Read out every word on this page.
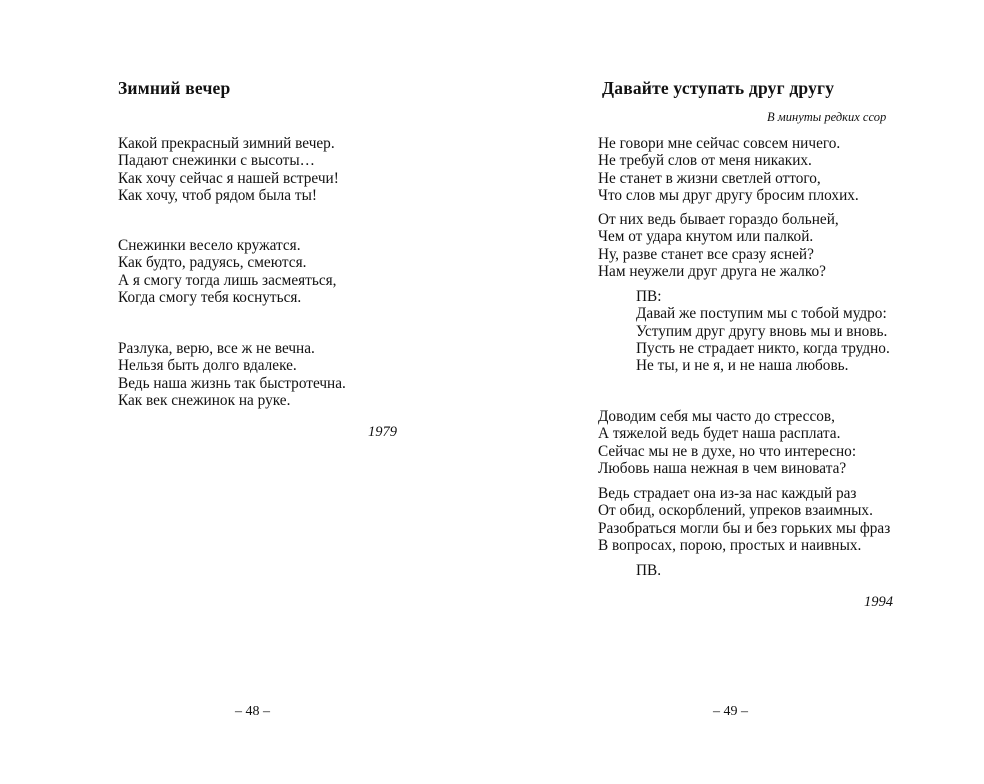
Зимний вечер
Какой прекрасный зимний вечер.
Падают снежинки с высоты…
Как хочу сейчас я нашей встречи!
Как хочу, чтоб рядом была ты!
Снежинки весело кружатся.
Как будто, радуясь, смеются.
А я смогу тогда лишь засмеяться,
Когда смогу тебя коснуться.
Разлука, верю, все ж не вечна.
Нельзя быть долго вдалеке.
Ведь наша жизнь так быстротечна.
Как век снежинок на руке.
1979
– 48 –
Давайте уступать друг другу
В минуты редких ссор
Не говори мне сейчас совсем ничего.
Не требуй слов от меня никаких.
Не станет в жизни светлей оттого,
Что слов мы друг другу бросим плохих.
От них ведь бывает гораздо больней,
Чем от удара кнутом или палкой.
Ну, разве станет все сразу ясней?
Нам неужели друг друга не жалко?
ПВ:
Давай же поступим мы с тобой мудро:
Уступим друг другу вновь мы и вновь.
Пусть не страдает никто, когда трудно.
Не ты, и не я, и не наша любовь.
Доводим себя мы часто до стрессов,
А тяжелой ведь будет наша расплата.
Сейчас мы не в духе, но что интересно:
Любовь наша нежная в чем виновата?
Ведь страдает она из-за нас каждый раз
От обид, оскорблений, упреков взаимных.
Разобраться могли бы и без горьких мы фраз
В вопросах, порою, простых и наивных.
ПВ.
1994
– 49 –
